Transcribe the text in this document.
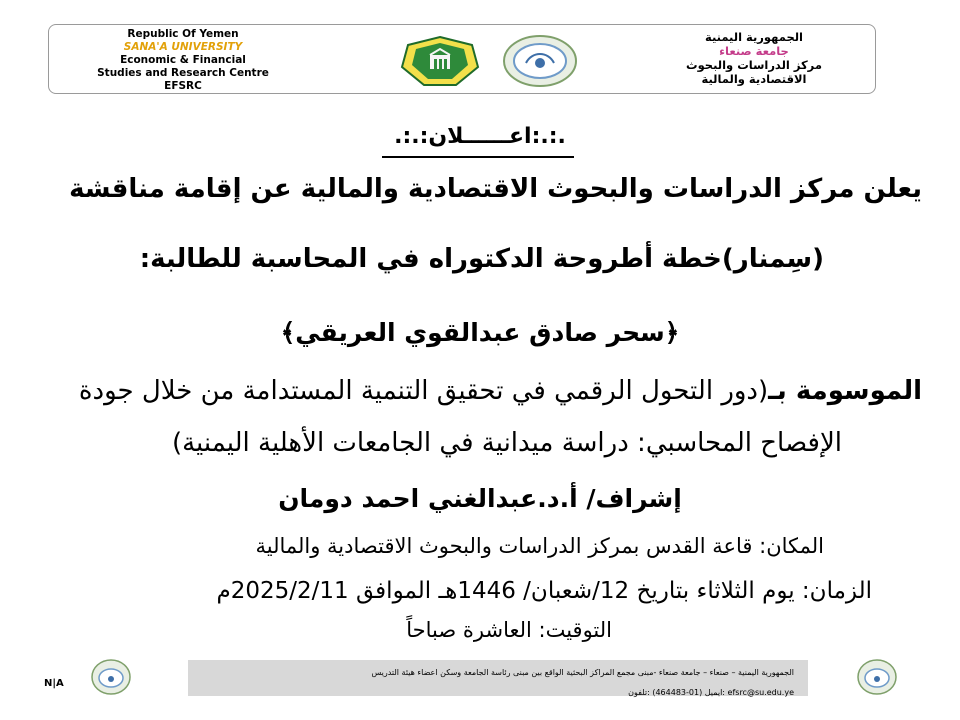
Republic Of Yemen
SANA'A UNIVERSITY
Economic & Financial
Studies and Research Centre
EFSRC
الجمهورية اليمنية
جامعة صنعاء
مركز الدراسات والبحوث
الاقتصادية والمالية
.:.:اعــــــلان:.:.
يعلن مركز الدراسات والبحوث الاقتصادية والمالية عن إقامة مناقشة
(سِمنار)خطة أطروحة الدكتوراه في المحاسبة للطالبة:
﴿سحر صادق عبدالقوي العريقي﴾
الموسومة بـ(دور التحول الرقمي في تحقيق التنمية المستدامة من خلال جودة
الإفصاح المحاسبي: دراسة ميدانية في الجامعات الأهلية اليمنية)
إشراف/ أ.د.عبدالغني احمد دومان
المكان: قاعة القدس بمركز الدراسات والبحوث الاقتصادية والمالية
الزمان: يوم الثلاثاء بتاريخ 12/شعبان/ 1446هـ الموافق 2025/2/11م
التوقيت: العاشرة صباحاً
الجمهورية اليمنية – صنعاء – جامعة صنعاء -مبنى مجمع المراكز البحثية الواقع بين مبنى رئاسة الجامعة وسكن اعضاء هيئة التدريس
efsrc@su.edu.ye :ايميل (01-464483) :تلفون
N|A
